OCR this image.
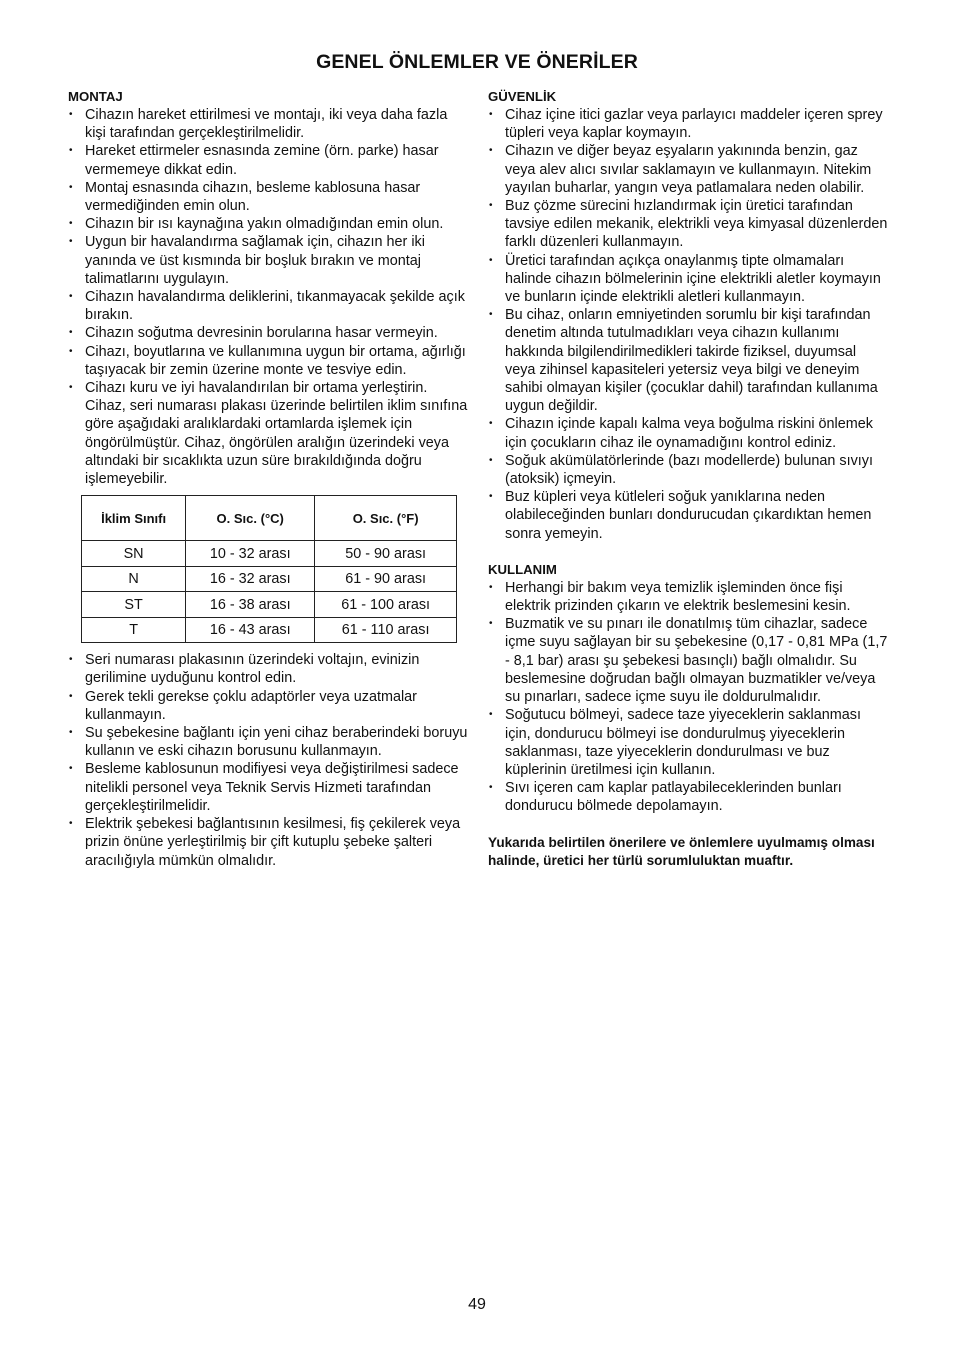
GENEL ÖNLEMLER VE ÖNERİLER
MONTAJ
• Cihazın hareket ettirilmesi ve montajı, iki veya daha fazla kişi tarafından gerçekleştirilmelidir.
• Hareket ettirmeler esnasında zemine (örn. parke) hasar vermemeye dikkat edin.
• Montaj esnasında cihazın, besleme kablosuna hasar vermediğinden emin olun.
• Cihazın bir ısı kaynağına yakın olmadığından emin olun.
• Uygun bir havalandırma sağlamak için, cihazın her iki yanında ve üst kısmında bir boşluk bırakın ve montaj talimatlarını uygulayın.
• Cihazın havalandırma deliklerini, tıkanmayacak şekilde açık bırakın.
• Cihazın soğutma devresinin borularına hasar vermeyin.
• Cihazı, boyutlarına ve kullanımına uygun bir ortama, ağırlığı taşıyacak bir zemin üzerine monte ve tesviye edin.
• Cihazı kuru ve iyi havalandırılan bir ortama yerleştirin. Cihaz, seri numarası plakası üzerinde belirtilen iklim sınıfına göre aşağıdaki aralıklardaki ortamlarda işlemek için öngörülmüştür. Cihaz, öngörülen aralığın üzerindeki veya altındaki bir sıcaklıkta uzun süre bırakıldığında doğru işlemeyebilir.
İklim Sınıfı	O. Sıc. (°C)	O. Sıc. (°F)
SN	10 - 32 arası	50 - 90 arası
N	16 - 32 arası	61 - 90 arası
ST	16 - 38 arası	61 - 100 arası
T	16 - 43 arası	61 - 110 arası
• Seri numarası plakasının üzerindeki voltajın, evinizin gerilimine uyduğunu kontrol edin.
• Gerek tekli gerekse çoklu adaptörler veya uzatmalar kullanmayın.
• Su şebekesine bağlantı için yeni cihaz beraberindeki boruyu kullanın ve eski cihazın borusunu kullanmayın.
• Besleme kablosunun modifiyesi veya değiştirilmesi sadece nitelikli personel veya Teknik Servis Hizmeti tarafından gerçekleştirilmelidir.
• Elektrik şebekesi bağlantısının kesilmesi, fiş çekilerek veya prizin önüne yerleştirilmiş bir çift kutuplu şebeke şalteri aracılığıyla mümkün olmalıdır.
GÜVENLİK
• Cihaz içine itici gazlar veya parlayıcı maddeler içeren sprey tüpleri veya kaplar koymayın.
• Cihazın ve diğer beyaz eşyaların yakınında benzin, gaz veya alev alıcı sıvılar saklamayın ve kullanmayın. Nitekim yayılan buharlar, yangın veya patlamalara neden olabilir.
• Buz çözme sürecini hızlandırmak için üretici tarafından tavsiye edilen mekanik, elektrikli veya kimyasal düzenlerden farklı düzenleri kullanmayın.
• Üretici tarafından açıkça onaylanmış tipte olmamaları halinde cihazın bölmelerinin içine elektrikli aletler koymayın ve bunların içinde elektrikli aletleri kullanmayın.
• Bu cihaz, onların emniyetinden sorumlu bir kişi tarafından denetim altında tutulmadıkları veya cihazın kullanımı hakkında bilgilendirilmedikleri takirde fiziksel, duyumsal veya zihinsel kapasiteleri yetersiz veya bilgi ve deneyim sahibi olmayan kişiler (çocuklar dahil) tarafından kullanıma uygun değildir.
• Cihazın içinde kapalı kalma veya boğulma riskini önlemek için çocukların cihaz ile oynamadığını kontrol ediniz.
• Soğuk akümülatörlerinde (bazı modellerde) bulunan sıvıyı (atoksik) içmeyin.
• Buz küpleri veya kütleleri soğuk yanıklarına neden olabileceğinden bunları dondurucudan çıkardıktan hemen sonra yemeyin.
KULLANIM
• Herhangi bir bakım veya temizlik işleminden önce fişi elektrik prizinden çıkarın ve elektrik beslemesini kesin.
• Buzmatik ve su pınarı ile donatılmış tüm cihazlar, sadece içme suyu sağlayan bir su şebekesine (0,17 - 0,81 MPa (1,7 - 8,1 bar) arası şu şebekesi basınçlı) bağlı olmalıdır. Su beslemesine doğrudan bağlı olmayan buzmatikler ve/veya su pınarları, sadece içme suyu ile doldurulmalıdır.
• Soğutucu bölmeyi, sadece taze yiyeceklerin saklanması için, dondurucu bölmeyi ise dondurulmuş yiyeceklerin saklanması, taze yiyeceklerin dondurulması ve buz küplerinin üretilmesi için kullanın.
• Sıvı içeren cam kaplar patlayabileceklerinden bunları dondurucu bölmede depolamayın.
Yukarıda belirtilen önerilere ve önlemlere uyulmamış olması halinde, üretici her türlü sorumluluktan muaftır.
49
